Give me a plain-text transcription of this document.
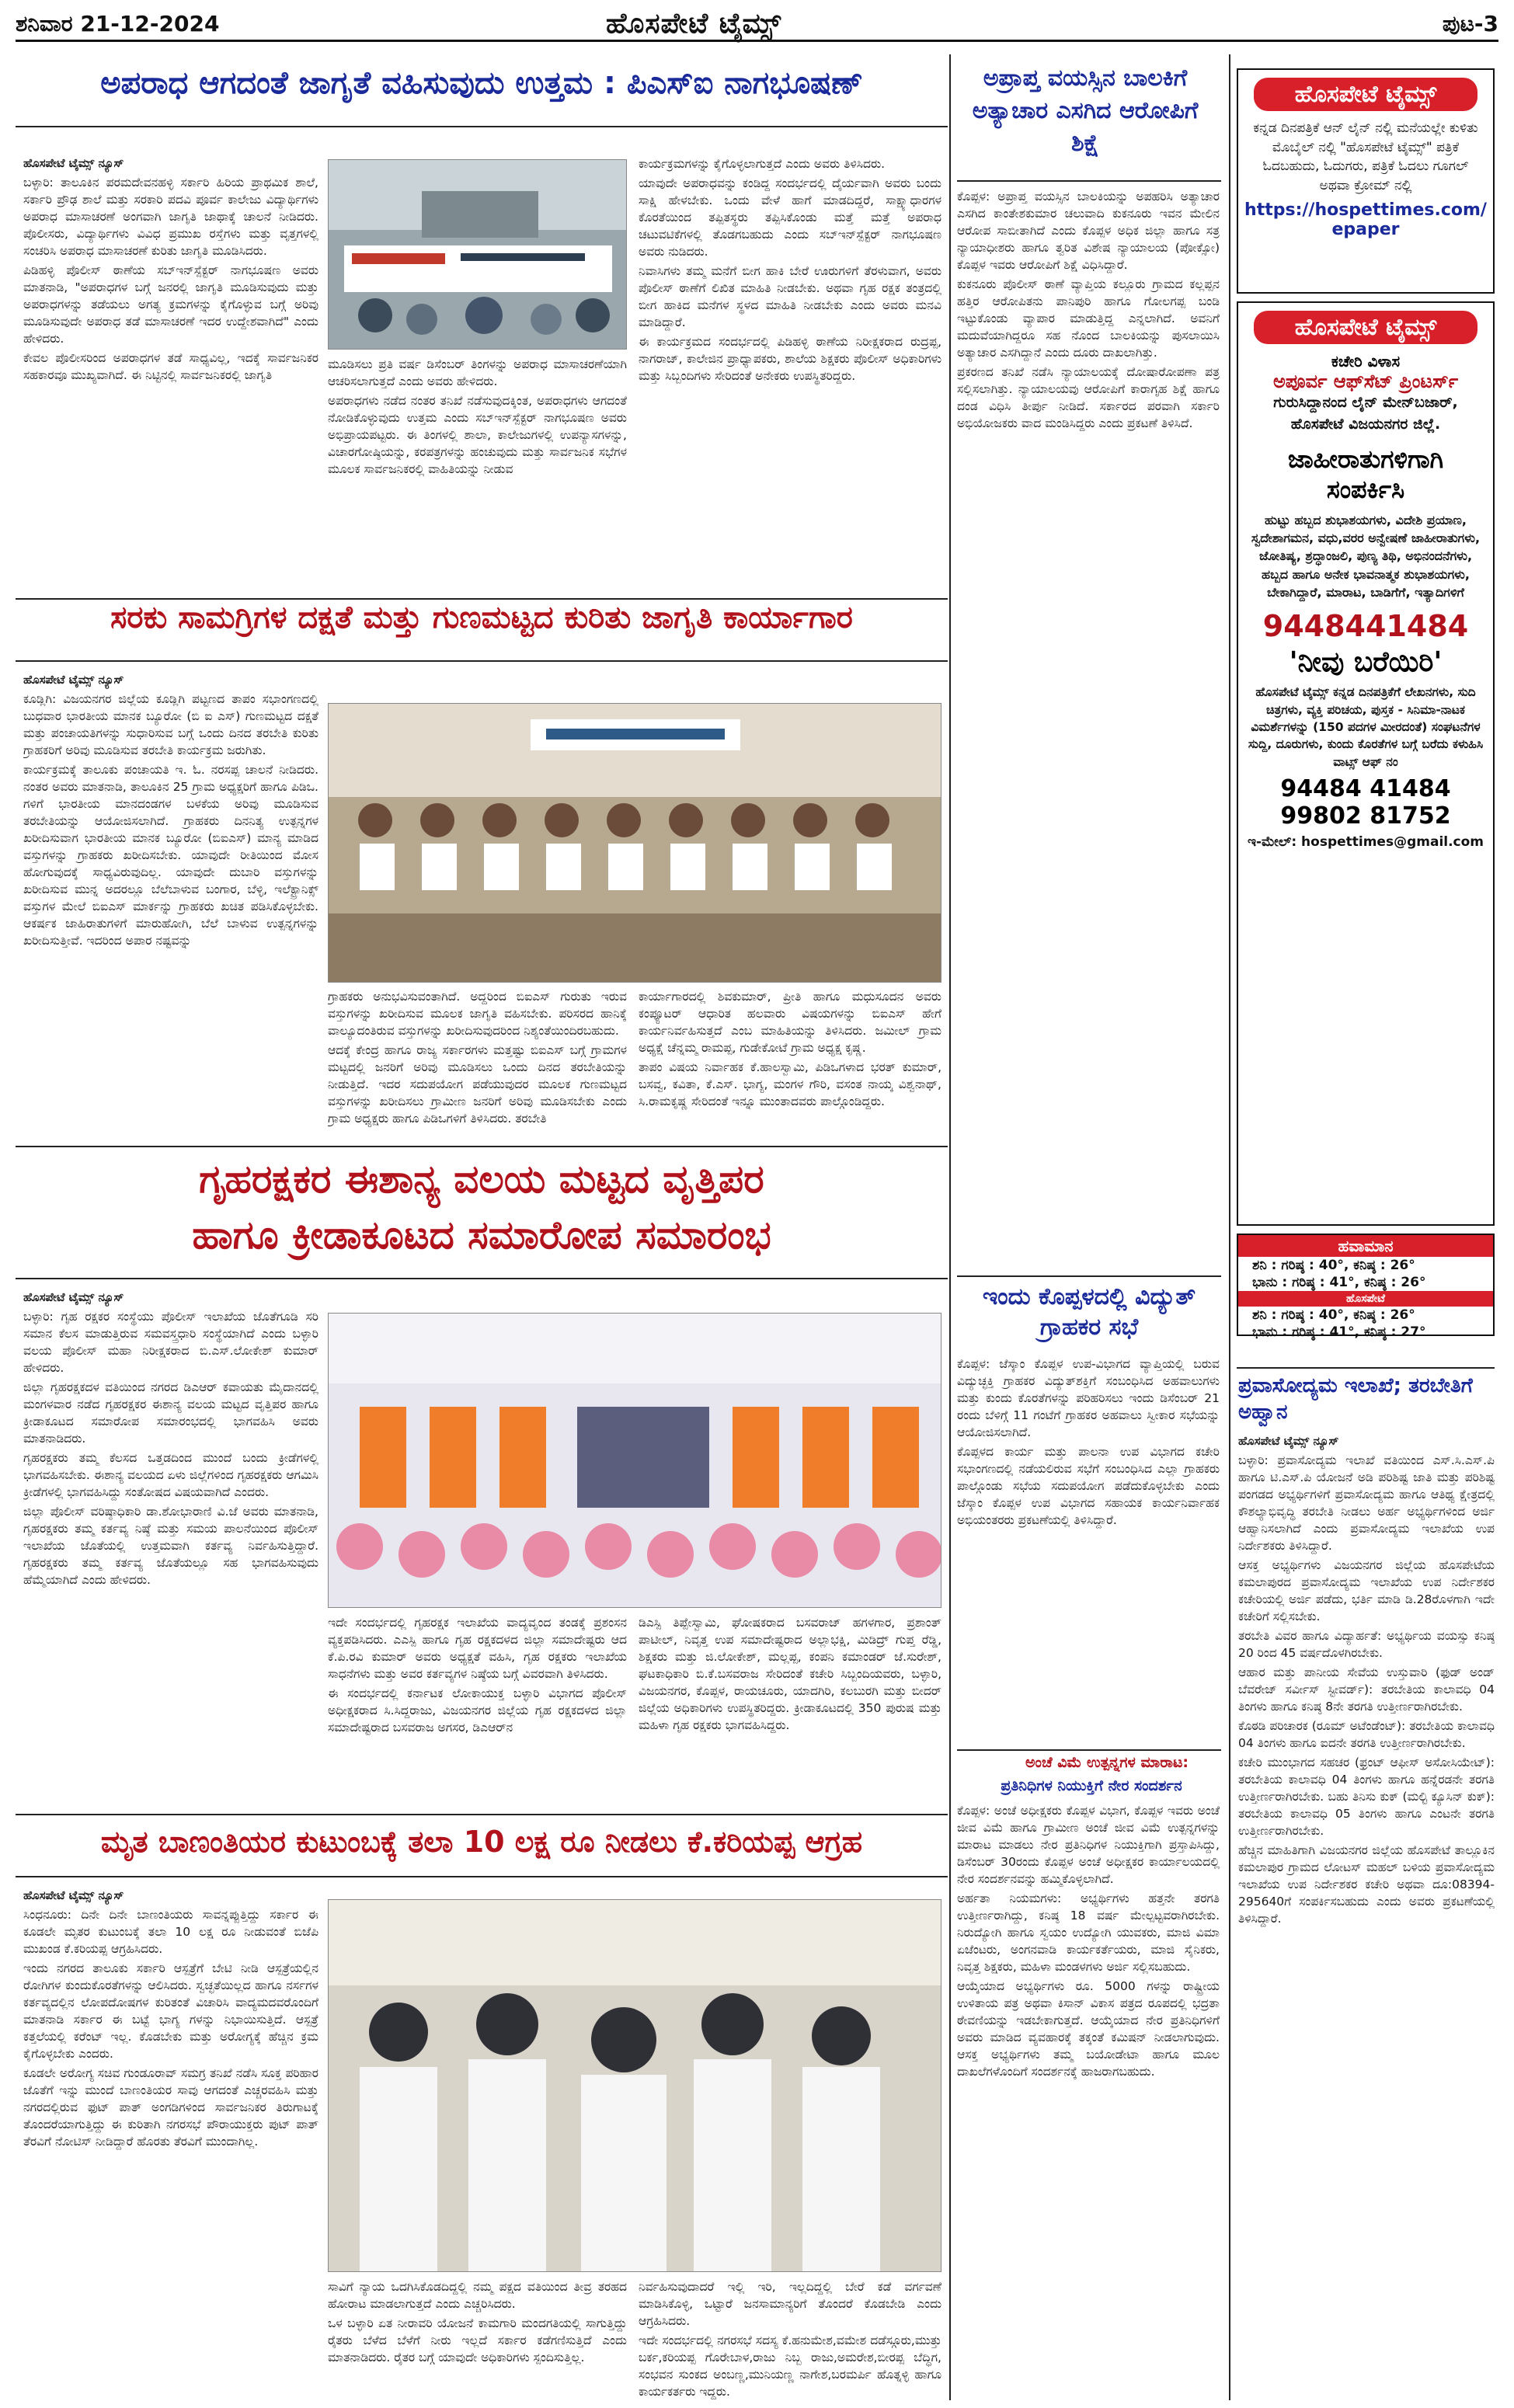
ಶನಿವಾರ 21-12-2024	ಹೊಸಪೇಟೆ ಟೈಮ್ಸ್	ಪುಟ-3
ಅಪರಾಧ ಆಗದಂತೆ ಜಾಗೃತೆ ವಹಿಸುವುದು ಉತ್ತಮ : ಪಿಎಸ್‌ಐ ನಾಗಭೂಷಣ್

ಹೊಸಪೇಟೆ ಟೈಮ್ಸ್ ನ್ಯೂಸ್

ಬಳ್ಳಾರಿ: ತಾಲೂಕಿನ ಪರಮದೇವನಹಳ್ಳಿ ಸರ್ಕಾರಿ ಹಿರಿಯ ಪ್ರಾಥಮಿಕ ಶಾಲೆ, ಸರ್ಕಾರಿ ಪ್ರೌಢ ಶಾಲೆ ಮತ್ತು ಸರಕಾರಿ ಪದವಿ ಪೂರ್ವ ಕಾಲೇಜು ವಿದ್ಯಾರ್ಥಿಗಳು ಅಪರಾಧ ಮಾಸಾಚರಣೆ ಅಂಗವಾಗಿ ಜಾಗೃತಿ ಜಾಥಾಕ್ಕೆ ಚಾಲನೆ ನೀಡಿದರು. ಪೊಲೀಸರು, ವಿದ್ಯಾರ್ಥಿಗಳು ವಿವಿಧ ಪ್ರಮುಖ ರಸ್ತೆಗಳು ಮತ್ತು ವೃತ್ತಗಳಲ್ಲಿ ಸಂಚರಿಸಿ ಅಪರಾಧ ಮಾಸಾಚರಣೆ ಕುರಿತು ಜಾಗೃತಿ ಮೂಡಿಸಿದರು.

ಪಿಡಿಹಳ್ಳಿ ಪೊಲೀಸ್ ಠಾಣೆಯ ಸಬ್‌ಇನ್‌ಸ್ಪೆಕ್ಟರ್ ನಾಗಭೂಷಣ ಅವರು ಮಾತನಾಡಿ, "ಅಪರಾಧಗಳ ಬಗ್ಗೆ ಜನರಲ್ಲಿ ಜಾಗೃತಿ ಮೂಡಿಸುವುದು ಮತ್ತು ಅಪರಾಧಗಳನ್ನು ತಡೆಯಲು ಅಗತ್ಯ ಕ್ರಮಗಳನ್ನು ಕೈಗೊಳ್ಳುವ ಬಗ್ಗೆ ಅರಿವು ಮೂಡಿಸುವುದೇ ಅಪರಾಧ ತಡೆ ಮಾಸಾಚರಣೆ ಇದರ ಉದ್ದೇಶವಾಗಿದೆ" ಎಂದು ಹೇಳಿದರು.

ಕೇವಲ ಪೊಲೀಸರಿಂದ ಅಪರಾಧಗಳ ತಡೆ ಸಾಧ್ಯವಿಲ್ಲ, ಇದಕ್ಕೆ ಸಾರ್ವಜನಿಕರ ಸಹಕಾರವೂ ಮುಖ್ಯವಾಗಿದೆ. ಈ ನಿಟ್ಟಿನಲ್ಲಿ ಸಾರ್ವಜನಿಕರಲ್ಲಿ ಜಾಗೃತಿ

ಮೂಡಿಸಲು ಪ್ರತಿ ವರ್ಷ ಡಿಸೆಂಬರ್ ತಿಂಗಳನ್ನು ಅಪರಾಧ ಮಾಸಾಚರಣೆಯಾಗಿ ಆಚರಿಸಲಾಗುತ್ತದೆ ಎಂದು ಅವರು ಹೇಳಿದರು.

ಅಪರಾಧಗಳು ನಡೆದ ನಂತರ ತನಿಖೆ ನಡೆಸುವುದಕ್ಕಿಂತ, ಅಪರಾಧಗಳು ಆಗದಂತೆ ನೋಡಿಕೊಳ್ಳುವುದು ಉತ್ತಮ ಎಂದು ಸಬ್‌ಇನ್‌ಸ್ಪೆಕ್ಟರ್ ನಾಗಭೂಷಣ ಅವರು ಅಭಿಪ್ರಾಯಪಟ್ಟರು. ಈ ತಿಂಗಳಲ್ಲಿ ಶಾಲಾ, ಕಾಲೇಜುಗಳಲ್ಲಿ ಉಪನ್ಯಾಸಗಳನ್ನು, ವಿಚಾರಗೋಷ್ಠಿಯನ್ನು, ಕರಪತ್ರಗಳನ್ನು ಹಂಚುವುದು ಮತ್ತು ಸಾರ್ವಜನಿಕ ಸಭೆಗಳ ಮೂಲಕ ಸಾರ್ವಜನಿಕರಲ್ಲಿ ವಾಹಿತಿಯನ್ನು ನೀಡುವ

ಕಾರ್ಯಕ್ರಮಗಳನ್ನು ಕೈಗೊಳ್ಳಲಾಗುತ್ತದೆ ಎಂದು ಅವರು ತಿಳಿಸಿದರು.

ಯಾವುದೇ ಅಪರಾಧವನ್ನು ಕಂಡಿದ್ದ ಸಂದರ್ಭದಲ್ಲಿ ದೈರ್ಯವಾಗಿ ಅವರು ಬಂದು ಸಾಕ್ಷಿ ಹೇಳಬೇಕು. ಒಂದು ವೇಳೆ ಹಾಗೆ ಮಾಡದಿದ್ದರೆ, ಸಾಕ್ಷ್ಯಾಧಾರಗಳ ಕೊರತೆಯಿಂದ ತಪ್ಪಿತಸ್ಥರು ತಪ್ಪಿಸಿಕೊಂಡು ಮತ್ತೆ ಮತ್ತೆ ಅಪರಾಧ ಚಟುವಟಿಕೆಗಳಲ್ಲಿ ತೊಡಗಬಹುದು ಎಂದು ಸಬ್‌ಇನ್‌ಸ್ಪೆಕ್ಟರ್ ನಾಗಭೂಷಣ ಅವರು ನುಡಿದರು.

ನಿವಾಸಿಗಳು ತಮ್ಮ ಮನೆಗೆ ಬೀಗ ಹಾಕಿ ಬೇರೆ ಊರುಗಳಿಗೆ ತೆರಳುವಾಗ, ಅವರು ಪೊಲೀಸ್ ಠಾಣೆಗೆ ಲಿಖಿತ ಮಾಹಿತಿ ನೀಡಬೇಕು. ಅಥವಾ ಗೃಹ ರಕ್ಷಕ ತಂತ್ರದಲ್ಲಿ ಬೀಗ ಹಾಕಿದ ಮನೆಗಳ ಸ್ಥಳದ ಮಾಹಿತಿ ನೀಡಬೇಕು ಎಂದು ಅವರು ಮನವಿ ಮಾಡಿದ್ದಾರೆ.

ಈ ಕಾರ್ಯಕ್ರಮದ ಸಂದರ್ಭದಲ್ಲಿ ಪಿಡಿಹಳ್ಳಿ ಠಾಣೆಯ ನಿರೀಕ್ಷಕರಾದ ರುದ್ರಪ್ಪ, ನಾಗರಾಜ್, ಕಾಲೇಜಿನ ಪ್ರಾಧ್ಯಾಪಕರು, ಶಾಲೆಯ ಶಿಕ್ಷಕರು ಪೊಲೀಸ್ ಅಧಿಕಾರಿಗಳು ಮತ್ತು ಸಿಬ್ಬಂದಿಗಳು ಸೇರಿದಂತೆ ಅನೇಕರು ಉಪಸ್ಥಿತರಿದ್ದರು.

ಸರಕು ಸಾಮಗ್ರಿಗಳ ದಕ್ಷತೆ ಮತ್ತು ಗುಣಮಟ್ಟದ ಕುರಿತು ಜಾಗೃತಿ ಕಾರ್ಯಾಗಾರ

ಹೊಸಪೇಟೆ ಟೈಮ್ಸ್ ನ್ಯೂಸ್

ಕೂಡ್ಲಿಗಿ: ವಿಜಯನಗರ ಜಿಲ್ಲೆಯ ಕೂಡ್ಲಿಗಿ ಪಟ್ಟಣದ ತಾಪಂ ಸಭಾಂಗಣದಲ್ಲಿ ಬುಧವಾರ ಭಾರತೀಯ ಮಾನಕ ಬ್ಯೂರೋ (ಬಿ ಐ ಎಸ್) ಗುಣಮಟ್ಟದ ದಕ್ಷತೆ ಮತ್ತು ಪಂಚಾಯತಿಗಳನ್ನು ಸುಧಾರಿಸುವ ಬಗ್ಗೆ ಒಂದು ದಿನದ ತರಬೇತಿ ಕುರಿತು ಗ್ರಾಹಕರಿಗೆ ಅರಿವು ಮೂಡಿಸುವ ತರಬೇತಿ ಕಾರ್ಯಕ್ರಮ ಜರುಗಿತು.

ಕಾರ್ಯಕ್ರಮಕ್ಕೆ ತಾಲೂಕು ಪಂಚಾಯತಿ ಇ. ಓ. ನರಸಪ್ಪ ಚಾಲನೆ ನೀಡಿದರು. ನಂತರ ಅವರು ಮಾತನಾಡಿ, ತಾಲೂಕಿನ 25 ಗ್ರಾಮ ಅಧ್ಯಕ್ಷರಿಗೆ ಹಾಗೂ ಪಿಡಿಒ. ಗಳಿಗೆ ಭಾರತೀಯ ಮಾನದಂಡಗಳ ಬಳಕೆಯ ಅರಿವು ಮೂಡಿಸುವ ತರಬೇತಿಯನ್ನು ಆಯೋಜಿಸಲಾಗಿದೆ. ಗ್ರಾಹಕರು ದಿನನಿತ್ಯ ಉತ್ಪನ್ನಗಳ ಖರೀದಿಸುವಾಗ ಭಾರತೀಯ ಮಾನಕ ಬ್ಯೂರೋ (ಬಿಐಎಸ್) ಮಾನ್ಯ ಮಾಡಿದ ವಸ್ತುಗಳನ್ನು ಗ್ರಾಹಕರು ಖರೀದಿಸಬೇಕು. ಯಾವುದೇ ರೀತಿಯಿಂದ ಮೋಸ ಹೋಗುವುದಕ್ಕೆ ಸಾಧ್ಯವಿರುವುದಿಲ್ಲ. ಯಾವುದೇ ದುಬಾರಿ ವಸ್ತುಗಳನ್ನು ಖರೀದಿಸುವ ಮುನ್ನ ಅದರಲ್ಲೂ ಬೆಲೆಬಾಳುವ ಬಂಗಾರ, ಬೆಳ್ಳಿ, ಇಲೆಕ್ಟ್ರಾನಿಕ್ಸ್ ವಸ್ತುಗಳ ಮೇಲೆ ಬಿಐಎಸ್ ಮಾರ್ಕನ್ನು ಗ್ರಾಹಕರು ಖಚಿತ ಪಡಿಸಿಕೊಳ್ಳಬೇಕು. ಆಕರ್ಷಕ ಜಾಹಿರಾತುಗಳಿಗೆ ಮಾರುಹೋಗಿ, ಬೆಲೆ ಬಾಳುವ ಉತ್ಪನ್ನಗಳನ್ನು ಖರೀದಿಸುತ್ತೀವೆ. ಇದರಿಂದ ಅಪಾರ ನಷ್ಟವನ್ನು

ಗ್ರಾಹಕರು ಅನುಭವಿಸುವಂತಾಗಿದೆ. ಅದ್ದರಿಂದ ಬಿಐಎಸ್ ಗುರುತು ಇರುವ ವಸ್ತುಗಳನ್ನು ಖರೀದಿಸುವ ಮೂಲಕ ಜಾಗೃತಿ ವಹಿಸಬೇಕು. ಪರಿಸರದ ಹಾನಿಕ್ಕೆ ವಾಲ್ಯೂದಂತಿರುವ ವಸ್ತುಗಳನ್ನು ಖರೀದಿಸುವುದರಿಂದ ನಿಶ್ಯಂತೆಯಿಂದಿರಬಹುದು.

ಆದಕ್ಕೆ ಕೇಂದ್ರ ಹಾಗೂ ರಾಜ್ಯ ಸರ್ಕಾರಗಳು ಮತ್ತಷ್ಟು ಬಿಐಎಸ್ ಬಗ್ಗೆ ಗ್ರಾಮಗಳ ಮಟ್ಟದಲ್ಲಿ ಜನರಿಗೆ ಅರಿವು ಮೂಡಿಸಲು ಒಂದು ದಿನದ ತರಬೇತಿಯನ್ನು ನೀಡುತ್ತಿದೆ. ಇದರ ಸದುಪಯೋಗ ಪಡೆಯುವುದರ ಮೂಲಕ ಗುಣಮಟ್ಟದ ವಸ್ತುಗಳನ್ನು ಖರೀದಿಸಲು ಗ್ರಾಮೀಣ ಜನರಿಗೆ ಅರಿವು ಮೂಡಿಸಬೇಕು ಎಂದು ಗ್ರಾಮ ಅಧ್ಯಕ್ಷರು ಹಾಗೂ ಪಿಡಿಒಗಳಿಗೆ ತಿಳಿಸಿದರು. ತರಬೇತಿ

ಕಾರ್ಯಾಗಾರದಲ್ಲಿ ಶಿವಕುಮಾರ್, ಪ್ರೀತಿ ಹಾಗೂ ಮಧುಸೂದನ ಅವರು ಕಂಪ್ಯೂಟರ್ ಆಧಾರಿತ ಹಲವಾರು ವಿಷಯಗಳನ್ನು ಬಿಐಎಸ್ ಹೇಗೆ ಕಾರ್ಯನಿರ್ವಹಿಸುತ್ತದೆ ಎಂಬ ಮಾಹಿತಿಯನ್ನು ತಿಳಿಸಿದರು. ಜಮೀಲ್ ಗ್ರಾಮ ಅಧ್ಯಕ್ಷೆ ಚೆನ್ನಮ್ಮ ರಾಮಪ್ಪ, ಗುಡೇಕೋಟೆ ಗ್ರಾಮ ಅಧ್ಯಕ್ಷ ಕೃಷ್ಣ.

ತಾಪಂ ವಿಷಯ ನಿರ್ವಾಹಕ ಕೆ.ಹಾಲಸ್ವಾಮಿ, ಪಿಡಿಒಗಳಾದ ಭರತ್ ಕುಮಾರ್, ಬಸವ್ವ, ಕವಿತಾ, ಕೆ.ಎಸ್. ಭಾಗ್ಯ, ಮಂಗಳ ಗೌರಿ, ವಸಂತ ನಾಯ್ಕ ವಿಶ್ವನಾಥ್, ಸಿ.ರಾಮಕೃಷ್ಣ ಸೇರಿದಂತೆ ಇನ್ನೂ ಮುಂತಾದವರು ಪಾಲ್ಗೊಂಡಿದ್ದರು.

ಗೃಹರಕ್ಷಕರ ಈಶಾನ್ಯ ವಲಯ ಮಟ್ಟದ ವೃತ್ತಿಪರ
ಹಾಗೂ ಕ್ರೀಡಾಕೂಟದ ಸಮಾರೋಪ ಸಮಾರಂಭ

ಹೊಸಪೇಟೆ ಟೈಮ್ಸ್ ನ್ಯೂಸ್

ಬಳ್ಳಾರಿ: ಗೃಹ ರಕ್ಷಕರ ಸಂಸ್ಥೆಯು ಪೊಲೀಸ್ ಇಲಾಖೆಯ ಜೊತೆಗೂಡಿ ಸರಿ ಸಮಾನ ಕೆಲಸ ಮಾಡುತ್ತಿರುವ ಸಮವಸ್ತ್ರಧಾರಿ ಸಂಸ್ಥೆಯಾಗಿದೆ ಎಂದು ಬಳ್ಳಾರಿ ವಲಯ ಪೊಲೀಸ್ ಮಹಾ ನಿರೀಕ್ಷಕರಾದ ಬಿ.ಎಸ್.ಲೋಕೇಶ್ ಕುಮಾರ್ ಹೇಳಿದರು.

ಜಿಲ್ಲಾ ಗೃಹರಕ್ಷಕದಳ ವತಿಯಿಂದ ನಗರದ ಡಿಎಆರ್ ಕವಾಯತು ಮೈದಾನದಲ್ಲಿ ಮಂಗಳವಾರ ನಡೆದ ಗೃಹರಕ್ಷಕರ ಈಶಾನ್ಯ ವಲಯ ಮಟ್ಟದ ವೃತ್ತಿಪರ ಹಾಗೂ ಕ್ರೀಡಾಕೂಟದ ಸಮಾರೋಪ ಸಮಾರಂಭದಲ್ಲಿ ಭಾಗವಹಿಸಿ ಅವರು ಮಾತನಾಡಿದರು.

ಗೃಹರಕ್ಷಕರು ತಮ್ಮ ಕೆಲಸದ ಒತ್ತಡದಿಂದ ಮುಂದೆ ಬಂದು ಕ್ರೀಡೆಗಳಲ್ಲಿ ಭಾಗವಹಿಸಬೇಕು. ಈಶಾನ್ಯ ವಲಯದ ಏಳು ಜಿಲ್ಲೆಗಳಿಂದ ಗೃಹರಕ್ಷಕರು ಆಗಮಿಸಿ ಕ್ರೀಡೆಗಳಲ್ಲಿ ಭಾಗವಹಿಸಿದ್ದು ಸಂತೋಷದ ವಿಷಯವಾಗಿದೆ ಎಂದರು.

ಜಿಲ್ಲಾ ಪೊಲೀಸ್ ವರಿಷ್ಠಾಧಿಕಾರಿ ಡಾ.ಶೋಭಾರಾಣಿ ವಿ.ಜೆ ಅವರು ಮಾತನಾಡಿ, ಗೃಹರಕ್ಷಕರು ತಮ್ಮ ಕರ್ತವ್ಯ ನಿಷ್ಠೆ ಮತ್ತು ಸಮಯ ಪಾಲನೆಯಿಂದ ಪೊಲೀಸ್ ಇಲಾಖೆಯ ಜೊತೆಯಲ್ಲಿ ಉತ್ತಮವಾಗಿ ಕರ್ತವ್ಯ ನಿರ್ವಹಿಸುತ್ತಿದ್ದಾರೆ. ಗೃಹರಕ್ಷಕರು ತಮ್ಮ ಕರ್ತವ್ಯ ಜೊತೆಯಲ್ಲೂ ಸಹ ಭಾಗವಹಿಸುವುದು ಹೆಮ್ಮೆಯಾಗಿದೆ ಎಂದು ಹೇಳಿದರು.

ಇದೇ ಸಂದರ್ಭದಲ್ಲಿ ಗೃಹರಕ್ಷಕ ಇಲಾಖೆಯ ವಾದ್ಯವೃಂದ ತಂಡಕ್ಕೆ ಪ್ರಶಂಸನ ವ್ಯಕ್ತಪಡಿಸಿದರು. ಎಎಸ್ಪಿ ಹಾಗೂ ಗೃಹ ರಕ್ಷಕದಳದ ಜಿಲ್ಲಾ ಸಮಾದೇಷ್ಟರು ಆದ ಕೆ.ಪಿ.ರವಿ ಕುಮಾರ್ ಅವರು ಅಧ್ಯಕ್ಷತೆ ವಹಿಸಿ, ಗೃಹ ರಕ್ಷಕರು ಇಲಾಖೆಯ ಸಾಧನೆಗಳು ಮತ್ತು ಅವರ ಕರ್ತವ್ಯಗಳ ನಿಷ್ಠೆಯ ಬಗ್ಗೆ ವಿವರವಾಗಿ ತಿಳಿಸಿದರು.

ಈ ಸಂದರ್ಭದಲ್ಲಿ ಕರ್ನಾಟಕ ಲೋಕಾಯುಕ್ತ ಬಳ್ಳಾರಿ ವಿಭಾಗದ ಪೊಲೀಸ್ ಅಧೀಕ್ಷಕರಾದ ಸಿ.ಸಿದ್ದರಾಜು, ವಿಜಯನಗರ ಜಿಲ್ಲೆಯ ಗೃಹ ರಕ್ಷಕದಳದ ಜಿಲ್ಲಾ ಸಮಾದೇಷ್ಟರಾದ ಬಸವರಾಜ ಅಗಸರ, ಡಿಎಆರ್‌ನ

ಡಿಎಸ್ಪಿ ತಿಪ್ಪೇಸ್ವಾಮಿ, ಘೋಷಕರಾದ ಬಸವರಾಜ್ ಹಗಳಗಾರ, ಪ್ರಶಾಂತ್ ಪಾಟೀಲ್, ನಿವೃತ್ತ ಉಪ ಸಮಾದೇಷ್ಟರಾದ ಅಲ್ಲಾಭಕ್ಷಿ, ಮಿಡಿದ್ರ್ ಗುಪ್ತ ರೆಡ್ಡಿ, ಶಿಕ್ಷಕರು ಮತ್ತು ಜಿ.ಲೋಕೇಶ್, ಮಲ್ಲಪ್ಪ, ಕಂಪನಿ ಕಮಾಂಡರ್ ಜೆ.ಸುರೇಶ್, ಘಟಕಾಧಿಕಾರಿ ಬಿ.ಕೆ.ಬಸವರಾಜ ಸೇರಿದಂತೆ ಕಚೇರಿ ಸಿಬ್ಬಂದಿಯವರು, ಬಳ್ಳಾರಿ, ವಿಜಯನಗರ, ಕೊಪ್ಪಳ, ರಾಯಚೂರು, ಯಾದಗಿರಿ, ಕಲಬುರಗಿ ಮತ್ತು ಬೀದರ್ ಜಿಲ್ಲೆಯ ಅಧಿಕಾರಿಗಳು ಉಪಸ್ಥಿತರಿದ್ದರು. ಕ್ರೀಡಾಕೂಟದಲ್ಲಿ 350 ಪುರುಷ ಮತ್ತು ಮಹಿಳಾ ಗೃಹ ರಕ್ಷಕರು ಭಾಗವಹಿಸಿದ್ದರು.

ಮೃತ ಬಾಣಂತಿಯರ ಕುಟುಂಬಕ್ಕೆ ತಲಾ 10 ಲಕ್ಷ ರೂ ನೀಡಲು ಕೆ.ಕರಿಯಪ್ಪ ಆಗ್ರಹ

ಹೊಸಪೇಟೆ ಟೈಮ್ಸ್ ನ್ಯೂಸ್

ಸಿಂಧನೂರು: ದಿನೇ ದಿನೇ ಬಾಣಂತಿಯರು ಸಾವನ್ನಪ್ಪುತ್ತಿದ್ದು ಸರ್ಕಾರ ಈ ಕೂಡಲೇ ಮೃತರ ಕುಟುಂಬಕ್ಕೆ ತಲಾ 10 ಲಕ್ಷ ರೂ ನೀಡುವಂತೆ ಬಿಜೆಪಿ ಮುಖಂಡ ಕೆ.ಕರಿಯಪ್ಪ ಆಗ್ರಹಿಸಿದರು.

ಇಂದು ನಗರದ ತಾಲೂಕು ಸರ್ಕಾರಿ ಆಸ್ಪತ್ರೆಗೆ ಬೇಟಿ ನೀಡಿ ಆಸ್ಪತ್ರೆಯಲ್ಲಿನ ರೋಗಿಗಳ ಕುಂದುಕೊರತೆಗಳನ್ನು ಆಲಿಸಿದರು. ಸ್ವಚ್ಛತೆಯಿಲ್ಲದ ಹಾಗೂ ನರ್ಸಗಳ ಕರ್ತವ್ಯದಲ್ಲಿನ ಲೋಪದೋಷಗಳ ಕುರಿತಂತೆ ವಿಚಾರಿಸಿ ವಾದ್ಯಮದವರೊಂದಿಗೆ ಮಾತನಾಡಿ ಸರ್ಕಾರ ಈ ಬಟ್ಟೆ ಭಾಗ್ಯ ಗಳನ್ನು ನಿಭಾಯಿಸುತ್ತಿದೆ. ಆಸ್ಪತ್ರೆ ಕತ್ತಲೆಯಲ್ಲಿ ಕರೆಂಟ್ ಇಲ್ಲ. ಕೊಡಬೇಕು ಮತ್ತು ಅರೋಗ್ಯಕ್ಕೆ ಹೆಚ್ಚಿನ ಕ್ರಮ ಕೈಗೊಳ್ಳಬೇಕು ಎಂದರು.

ಕೂಡಲೇ ಅರೋಗ್ಯ ಸಚಿವ ಗುಂಡೂರಾವ್ ಸಮಗ್ರ ತನಿಖೆ ನಡೆಸಿ ಸೂಕ್ತ ಪರಿಹಾರ ಜೊತೆಗೆ ಇನ್ನು ಮುಂದೆ ಬಾಣಂತಿಯರ ಸಾವು ಆಗದಂತೆ ಎಚ್ಚರವಹಿಸಿ ಮತ್ತು ನಗರದಲ್ಲಿರುವ ಫುಟ್ ಪಾತ್ ಅಂಗಡಿಗಳಿಂದ ಸಾರ್ವಜನಿಕರ ತಿರುಗಾಟಕ್ಕೆ ತೊಂದರೆಯಾಗುತ್ತಿದ್ದು ಈ ಕುರಿತಾಗಿ ನಗರಸಭೆ ಪೌರಾಯುಕ್ತರು ಪುಟ್ ಪಾತ್ ತೆರವಿಗೆ ನೋಟಿಸ್ ನೀಡಿದ್ದಾರೆ ಹೊರತು ತೆರವಿಗೆ ಮುಂದಾಗಿಲ್ಲ.

ಸಾವಿಗೆ ನ್ಯಾಯ ಒದಗಿಸಿಕೊಡದಿದ್ದಲ್ಲಿ ನಮ್ಮ ಪಕ್ಷದ ವತಿಯಿಂದ ತೀವ್ರ ತರಹದ ಹೋರಾಟ ಮಾಡಲಾಗುತ್ತದೆ ಎಂದು ಎಚ್ಚರಿಸಿದರು.

ಒಳ ಬಳ್ಳಾರಿ ಏತ ನೀರಾವರಿ ಯೋಜನೆ ಕಾಮಗಾರಿ ಮಂದಗತಿಯಲ್ಲಿ ಸಾಗುತ್ತಿದ್ದು ರೈತರು ಬೆಳೆದ ಬೆಳೆಗೆ ನೀರು ಇಲ್ಲದೆ ಸರ್ಕಾರ ಕಡೆಗಣಿಸುತ್ತಿದೆ ಎಂದು ಮಾತನಾಡಿದರು. ರೈತರ ಬಗ್ಗೆ ಯಾವುದೇ ಅಧಿಕಾರಿಗಳು ಸ್ಪಂದಿಸುತ್ತಿಲ್ಲ.

ನಿರ್ವಹಿಸುವುದಾದರೆ ಇಲ್ಲಿ ಇರಿ, ಇಲ್ಲದಿದ್ದಲ್ಲಿ ಬೇರೆ ಕಡೆ ವರ್ಗವಣೆ ಮಾಡಿಸಿಕೊಳ್ಳಿ, ಒಟ್ಟಾರೆ ಜನಸಾಮಾನ್ಯರಿಗೆ ತೊಂದರೆ ಕೊಡಬೇಡಿ ಎಂದು ಆಗ್ರಹಿಸಿದರು.

ಇದೇ ಸಂದರ್ಭದಲ್ಲಿ ನಗರಸಭೆ ಸದಸ್ಯ ಕೆ.ಹನುಮೇಶ,ವಮೇಶ ದಡೆಸ್ಗೂರು,ಮುತ್ತು ಬರ್ಕ,ಕರಿಯಪ್ಪ ಗೊರೇಬಾಳ,ರಾಜು ನಿಬ್ಬ ರಾಜು,ಅಮರೇಶ,ಬೀರಪ್ಪ ಬೆದ್ಧಿಗ, ಸಂಭವನ ಸುಂಕದ ಅಂಬಣ್ಣ,ಮುನಿಯಣ್ಣ ನಾಗೇಶ,ಬರಮರ್ಪಿ ಹೊತ್ನಳ್ಳಿ ಹಾಗೂ ಕಾರ್ಯಕರ್ತರು ಇದ್ದರು.

ಅಪ್ರಾಪ್ತ ವಯಸ್ಸಿನ ಬಾಲಕಿಗೆ ಅತ್ಯಾಚಾರ ಎಸಗಿದ ಆರೋಪಿಗೆ ಶಿಕ್ಷೆ

ಕೊಪ್ಪಳ: ಅಪ್ರಾಪ್ತ ವಯಸ್ಸಿನ ಬಾಲಕಿಯನ್ನು ಅಪಹರಿಸಿ ಅತ್ಯಾಚಾರ ಎಸಗಿದ ಕಾಂತೇಶಕುಮಾರ ಚಲುವಾದಿ ಕುಕನೂರು ಇವನ ಮೇಲಿನ ಆರೋಪ ಸಾಬೀತಾಗಿದೆ ಎಂದು ಕೊಪ್ಪಳ ಅಧಿಕ ಜಿಲ್ಲಾ ಹಾಗೂ ಸತ್ರ ನ್ಯಾಯಾಧೀಶರು ಹಾಗೂ ತ್ವರಿತ ವಿಶೇಷ ನ್ಯಾಯಾಲಯ (ಪೋಕ್ಸೋ) ಕೊಪ್ಪಳ ಇವರು ಆರೋಪಿಗೆ ಶಿಕ್ಷೆ ವಿಧಿಸಿದ್ದಾರೆ.

ಕುಕನೂರು ಪೊಲೀಸ್ ಠಾಣೆ ವ್ಯಾಪ್ತಿಯ ಕಲ್ಲೂರು ಗ್ರಾಮದ ಕಲ್ಲಪ್ಪನ ಹತ್ತಿರ ಆರೋಪಿತನು ಪಾನಿಪುರಿ ಹಾಗೂ ಗೋಲಗಪ್ಪ ಬಂಡಿ ಇಟ್ಟುಕೊಂಡು ವ್ಯಾಪಾರ ಮಾಡುತ್ತಿದ್ದ ಎನ್ನಲಾಗಿದೆ. ಅವನಿಗೆ ಮದುವೆಯಾಗಿದ್ದರೂ ಸಹ ನೊಂದ ಬಾಲಕಿಯನ್ನು ಪುಸಲಾಯಿಸಿ ಅತ್ಯಾಚಾರ ಎಸಗಿದ್ದಾನೆ ಎಂದು ದೂರು ದಾಖಲಾಗಿತ್ತು.

ಪ್ರಕರಣದ ತನಿಖೆ ನಡೆಸಿ ನ್ಯಾಯಾಲಯಕ್ಕೆ ದೋಷಾರೋಪಣಾ ಪತ್ರ ಸಲ್ಲಿಸಲಾಗಿತ್ತು. ನ್ಯಾಯಾಲಯವು ಆರೋಪಿಗೆ ಕಾರಾಗೃಹ ಶಿಕ್ಷೆ ಹಾಗೂ ದಂಡ ವಿಧಿಸಿ ತೀರ್ಪು ನೀಡಿದೆ. ಸರ್ಕಾರದ ಪರವಾಗಿ ಸರ್ಕಾರಿ ಅಭಿಯೋಜಕರು ವಾದ ಮಂಡಿಸಿದ್ದರು ಎಂದು ಪ್ರಕಟಣೆ ತಿಳಿಸಿದೆ.

ಇಂದು ಕೊಪ್ಪಳದಲ್ಲಿ ವಿದ್ಯುತ್ ಗ್ರಾಹಕರ ಸಭೆ

ಕೊಪ್ಪಳ: ಜೆಸ್ಕಾಂ ಕೊಪ್ಪಳ ಉಪ-ವಿಭಾಗದ ವ್ಯಾಪ್ತಿಯಲ್ಲಿ ಬರುವ ವಿದ್ಯುಚ್ಛಕ್ತಿ ಗ್ರಾಹಕರ ವಿದ್ಯುತ್‌ಶಕ್ತಿಗೆ ಸಂಬಂಧಿಸಿದ ಅಹವಾಲುಗಳು ಮತ್ತು ಕುಂದು ಕೊರತೆಗಳನ್ನು ಪರಿಹರಿಸಲು ಇಂದು ಡಿಸೆಂಬರ್ 21 ರಂದು ಬೆಳಿಗ್ಗೆ 11 ಗಂಟೆಗೆ ಗ್ರಾಹಕರ ಅಹವಾಲು ಸ್ವೀಕಾರ ಸಭೆಯನ್ನು ಆಯೋಜಿಸಲಾಗಿದೆ.

ಕೊಪ್ಪಳದ ಕಾರ್ಯ ಮತ್ತು ಪಾಲನಾ ಉಪ ವಿಭಾಗದ ಕಚೇರಿ ಸಭಾಂಗಣದಲ್ಲಿ ನಡೆಯಲಿರುವ ಸಭೆಗೆ ಸಂಬಂಧಿಸಿದ ಎಲ್ಲಾ ಗ್ರಾಹಕರು ಪಾಲ್ಗೊಂಡು ಸಭೆಯ ಸದುಪಯೋಗ ಪಡೆದುಕೊಳ್ಳಬೇಕು ಎಂದು ಜೆಸ್ಕಾಂ ಕೊಪ್ಪಳ ಉಪ ವಿಭಾಗದ ಸಹಾಯಕ ಕಾರ್ಯನಿರ್ವಾಹಕ ಅಭಿಯಂತರರು ಪ್ರಕಟಣೆಯಲ್ಲಿ ತಿಳಿಸಿದ್ದಾರೆ.

ಅಂಚೆ ವಿಮೆ ಉತ್ಪನ್ನಗಳ ಮಾರಾಟ:
ಪ್ರತಿನಿಧಿಗಳ ನಿಯುಕ್ತಿಗೆ ನೇರ ಸಂದರ್ಶನ

ಕೊಪ್ಪಳ: ಅಂಚೆ ಅಧೀಕ್ಷಕರು ಕೊಪ್ಪಳ ವಿಭಾಗ, ಕೊಪ್ಪಳ ಇವರು ಅಂಚೆ ಜೀವ ವಿಮೆ ಹಾಗೂ ಗ್ರಾಮೀಣ ಅಂಚೆ ಜೀವ ವಿಮೆ ಉತ್ಪನ್ನಗಳನ್ನು ಮಾರಾಟ ಮಾಡಲು ನೇರ ಪ್ರತಿನಿಧಿಗಳ ನಿಯುಕ್ತಿಗಾಗಿ ಪ್ರಸ್ತಾಪಿಸಿದ್ದು, ಡಿಸೆಂಬರ್ 30ರಂದು ಕೊಪ್ಪಳ ಅಂಚೆ ಅಧೀಕ್ಷಕರ ಕಾರ್ಯಾಲಯದಲ್ಲಿ ನೇರ ಸಂದರ್ಶನವನ್ನು ಹಮ್ಮಿಕೊಳ್ಳಲಾಗಿದೆ.

ಅರ್ಹತಾ ನಿಯಮಗಳು: ಅಭ್ಯರ್ಥಿಗಳು ಹತ್ತನೇ ತರಗತಿ ಉತ್ತೀರ್ಣರಾಗಿದ್ದು, ಕನಿಷ್ಠ 18 ವರ್ಷ ಮೇಲ್ಪಟ್ಟವರಾಗಿರಬೇಕು. ನಿರುದ್ಯೋಗಿ ಹಾಗೂ ಸ್ವಯಂ ಉದ್ಯೋಗಿ ಯುವಕರು, ಮಾಜಿ ವಿಮಾ ಏಜೆಂಟರು, ಅಂಗನವಾಡಿ ಕಾರ್ಯಕರ್ತೆಯರು, ಮಾಜಿ ಸೈನಿಕರು, ನಿವೃತ್ತ ಶಿಕ್ಷಕರು, ಮಹಿಳಾ ಮಂಡಳಗಳು ಅರ್ಜಿ ಸಲ್ಲಿಸಬಹುದು.

ಆಯ್ಕೆಯಾದ ಅಭ್ಯರ್ಥಿಗಳು ರೂ. 5000 ಗಳನ್ನು ರಾಷ್ಟ್ರೀಯ ಉಳಿತಾಯ ಪತ್ರ ಅಥವಾ ಕಿಸಾನ್ ವಿಕಾಸ ಪತ್ರದ ರೂಪದಲ್ಲಿ ಭದ್ರತಾ ಠೇವಣಿಯನ್ನು ಇಡಬೇಕಾಗುತ್ತದೆ. ಆಯ್ಕೆಯಾದ ನೇರ ಪ್ರತಿನಿಧಿಗಳಿಗೆ ಅವರು ಮಾಡಿದ ವ್ಯವಹಾರಕ್ಕೆ ತಕ್ಕಂತೆ ಕಮಿಷನ್ ನೀಡಲಾಗುವುದು. ಆಸಕ್ತ ಅಭ್ಯರ್ಥಿಗಳು ತಮ್ಮ ಬಯೋಡೇಟಾ ಹಾಗೂ ಮೂಲ ದಾಖಲೆಗಳೊಂದಿಗೆ ಸಂದರ್ಶನಕ್ಕೆ ಹಾಜರಾಗಬಹುದು.

ಹೊಸಪೇಟೆ ಟೈಮ್ಸ್
ಕನ್ನಡ ದಿನಪತ್ರಿಕೆ ಆನ್ ಲೈನ್ ನಲ್ಲಿ ಮನೆಯಲ್ಲೇ ಕುಳಿತು ಮೊಬೈಲ್ ನಲ್ಲಿ "ಹೊಸಪೇಟೆ ಟೈಮ್ಸ್" ಪತ್ರಿಕೆ ಓದಬಹುದು, ಓದುಗರು, ಪತ್ರಿಕೆ ಓದಲು ಗೂಗಲ್ ಅಥವಾ ಕ್ರೋಮ್ ನಲ್ಲಿ
https://hospettimes.com/ epaper
ಹೊಸಪೇಟೆ ಟೈಮ್ಸ್
ಕಚೇರಿ ವಿಳಾಸ
ಅಪೂರ್ವ ಆಫ್‌ಸೆಟ್ ಪ್ರಿಂಟರ್ಸ್
ಗುರುಸಿದ್ದಾನಂದ ಲೈನ್ ಮೇನ್‌ಬಜಾರ್, ಹೊಸಪೇಟೆ ವಿಜಯನಗರ ಜಿಲ್ಲೆ.
ಜಾಹೀರಾತುಗಳಿಗಾಗಿ
ಸಂಪರ್ಕಿಸಿ
ಹುಟ್ಟು ಹಬ್ಬದ ಶುಭಾಶಯಗಳು, ವಿದೇಶಿ ಪ್ರಯಾಣ, ಸ್ವದೇಶಾಗಮನ, ವಧು,ವರರ ಅನ್ವೇಷಣೆ ಜಾಹೀರಾತುಗಳು, ಜೋತಿಷ್ಯ, ಶ್ರದ್ಧಾಂಜಲಿ, ಪುಣ್ಯ ತಿಥಿ, ಅಭಿನಂದನೆಗಳು, ಹಬ್ಬದ ಹಾಗೂ ಅನೇಕ ಭಾವನಾತ್ಮಕ ಶುಭಾಶಯಗಳು, ಬೇಕಾಗಿದ್ದಾರೆ, ಮಾರಾಟ, ಬಾಡಿಗೆಗೆ, ಇತ್ಯಾದಿಗಳಿಗೆ
9448441484
'ನೀವು ಬರೆಯಿರಿ'
ಹೊಸಪೇಟೆ ಟೈಮ್ಸ್ ಕನ್ನಡ ದಿನಪತ್ರಿಕೆಗೆ ಲೇಖನಗಳು, ಸುದಿ ಚಿತ್ರಗಳು, ವ್ಯಕ್ತಿ ಪರಿಚಯ, ಪುಸ್ತಕ - ಸಿನಿಮಾ-ನಾಟಕ ವಿಮರ್ಶೆಗಳನ್ನು (150 ಪದಗಳ ಮೀರದಂತೆ) ಸಂಘಟನೆಗಳ ಸುದ್ದಿ, ದೂರುಗಳು, ಕುಂದು ಕೊರತೆಗಳ ಬಗ್ಗೆ ಬರೆದು ಕಳುಹಿಸಿ ವಾಟ್ಸ್ ಆಫ್ ನಂ
94484 41484
99802 81752
ಇ-ಮೇಲ್: hospettimes@gmail.com
ಹವಾಮಾನ
ಶನಿ : ಗರಿಷ್ಠ : 40°, ಕನಿಷ್ಠ : 26°
ಭಾನು : ಗರಿಷ್ಠ : 41°, ಕನಿಷ್ಠ : 26°
ಹೊಸಪೇಟೆ
ಶನಿ : ಗರಿಷ್ಠ : 40°, ಕನಿಷ್ಠ : 26°
ಭಾನು : ಗರಿಷ್ಠ : 41°, ಕನಿಷ್ಠ : 27°
ಪ್ರವಾಸೋದ್ಯಮ ಇಲಾಖೆ; ತರಬೇತಿಗೆ ಅಹ್ವಾನ

ಹೊಸಪೇಟೆ ಟೈಮ್ಸ್ ನ್ಯೂಸ್

ಬಳ್ಳಾರಿ: ಪ್ರವಾಸೋದ್ಯಮ ಇಲಾಖೆ ವತಿಯಿಂದ ಎಸ್.ಸಿ.ಎಸ್.ಪಿ ಹಾಗೂ ಟಿ.ಎಸ್.ಪಿ ಯೋಜನೆ ಅಡಿ ಪರಿಶಿಷ್ಟ ಜಾತಿ ಮತ್ತು ಪರಿಶಿಷ್ಟ ಪಂಗಡದ ಅಭ್ಯರ್ಥಿಗಳಿಗೆ ಪ್ರವಾಸೋದ್ಯಮ ಹಾಗೂ ಆತಿಥ್ಯ ಕ್ಷೇತ್ರದಲ್ಲಿ ಕೌಶಲ್ಯಾಭಿವೃದ್ಧಿ ತರಬೇತಿ ನೀಡಲು ಅರ್ಹ ಅಭ್ಯರ್ಥಿಗಳಿಂದ ಅರ್ಜಿ ಆಹ್ವಾನಿಸಲಾಗಿದೆ ಎಂದು ಪ್ರವಾಸೋದ್ಯಮ ಇಲಾಖೆಯ ಉಪ ನಿರ್ದೇಶಕರು ತಿಳಿಸಿದ್ದಾರೆ.

ಆಸಕ್ತ ಅಭ್ಯರ್ಥಿಗಳು ವಿಜಯನಗರ ಜಿಲ್ಲೆಯ ಹೊಸಪೇಟೆಯ ಕಮಲಾಪುರದ ಪ್ರವಾಸೋದ್ಯಮ ಇಲಾಖೆಯ ಉಪ ನಿರ್ದೇಶಕರ ಕಚೇರಿಯಲ್ಲಿ ಅರ್ಜಿ ಪಡೆದು, ಭರ್ತಿ ಮಾಡಿ ಡಿ.28ರೊಳಗಾಗಿ ಇದೇ ಕಚೇರಿಗೆ ಸಲ್ಲಿಸಬೇಕು.

ತರಬೇತಿ ವಿವರ ಹಾಗೂ ವಿದ್ಯಾರ್ಹತೆ: ಅಭ್ಯರ್ಥಿಯ ವಯಸ್ಸು ಕನಿಷ್ಠ 20 ರಿಂದ 45 ವರ್ಷದೊಳಗಿರಬೇಕು.

ಆಹಾರ ಮತ್ತು ಪಾನೀಯ ಸೇವೆಯ ಉಸ್ತುವಾರಿ (ಫುಡ್ ಅಂಡ್ ಬೆವರೇಜ್ ಸರ್ವೀಸ್ ಸ್ಟೀವರ್ಡ್): ತರಬೇತಿಯ ಕಾಲಾವಧಿ 04 ತಿಂಗಳು ಹಾಗೂ ಕನಿಷ್ಠ 8ನೇ ತರಗತಿ ಉತ್ತೀರ್ಣರಾಗಿರಬೇಕು.

ಕೊಠಡಿ ಪರಿಚಾರಕ (ರೂಮ್ ಅಟೆಂಡೆಂಟ್): ತರಬೇತಿಯ ಕಾಲಾವಧಿ 04 ತಿಂಗಳು ಹಾಗೂ ಐದನೇ ತರಗತಿ ಉತ್ತೀರ್ಣರಾಗಿರಬೇಕು.

ಕಚೇರಿ ಮುಂಭಾಗದ ಸಹಚರ (ಫ್ರಂಟ್ ಆಫೀಸ್ ಅಸೋಸಿಯೇಟ್): ತರಬೇತಿಯ ಕಾಲಾವಧಿ 04 ತಿಂಗಳು ಹಾಗೂ ಹನ್ನೆರಡನೇ ತರಗತಿ ಉತ್ತೀರ್ಣರಾಗಿರಬೇಕು. ಬಹು ತಿನಿಸು ಕುಕ್ (ಮಲ್ಟಿ ಕ್ಯೂಸಿನ್ ಕುಕ್): ತರಬೇತಿಯ ಕಾಲಾವಧಿ 05 ತಿಂಗಳು ಹಾಗೂ ಎಂಟನೇ ತರಗತಿ ಉತ್ತೀರ್ಣರಾಗಿರಬೇಕು.

ಹೆಚ್ಚಿನ ಮಾಹಿತಿಗಾಗಿ ವಿಜಯನಗರ ಜಿಲ್ಲೆಯ ಹೊಸಪೇಟೆ ತಾಲ್ಲೂಕಿನ ಕಮಲಾಪುರ ಗ್ರಾಮದ ಲೋಟಸ್ ಮಹಲ್ ಬಳಿಯ ಪ್ರವಾಸೋದ್ಯಮ ಇಲಾಖೆಯ ಉಪ ನಿರ್ದೇಶಕರ ಕಚೇರಿ ಅಥವಾ ದೂ:08394-295640ಗೆ ಸಂಪರ್ಕಿಸಬಹುದು ಎಂದು ಅವರು ಪ್ರಕಟಣೆಯಲ್ಲಿ ತಿಳಿಸಿದ್ದಾರೆ.
